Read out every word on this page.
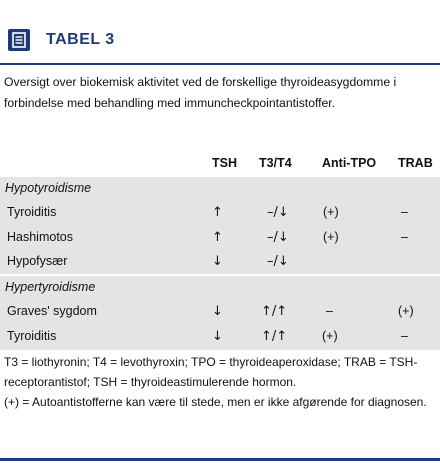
TABEL 3
Oversigt over biokemisk aktivitet ved de forskellige thyroideasygdomme i forbindelse med behandling med immuncheckpointantistoffer.
TSH T3/T4 Anti-TPO TRAB
Hypotyroidisme
Tyroiditis	↑	–/↓	(+)	–
Hashimotos	↑	–/↓	(+)	–
Hypofysær	↓	–/↓
Hypertyroidisme
Graves' sygdom	↓	↑/↑	–	(+)
Tyroiditis	↓	↑/↑	(+)	–
T3 = liothyronin; T4 = levothyroxin; TPO = thyroideaperoxidase; TRAB = TSH-receptorantistof; TSH = thyroideastimulerende hormon.
(+) = Autoantistofferne kan være til stede, men er ikke afgørende for diagnosen.
